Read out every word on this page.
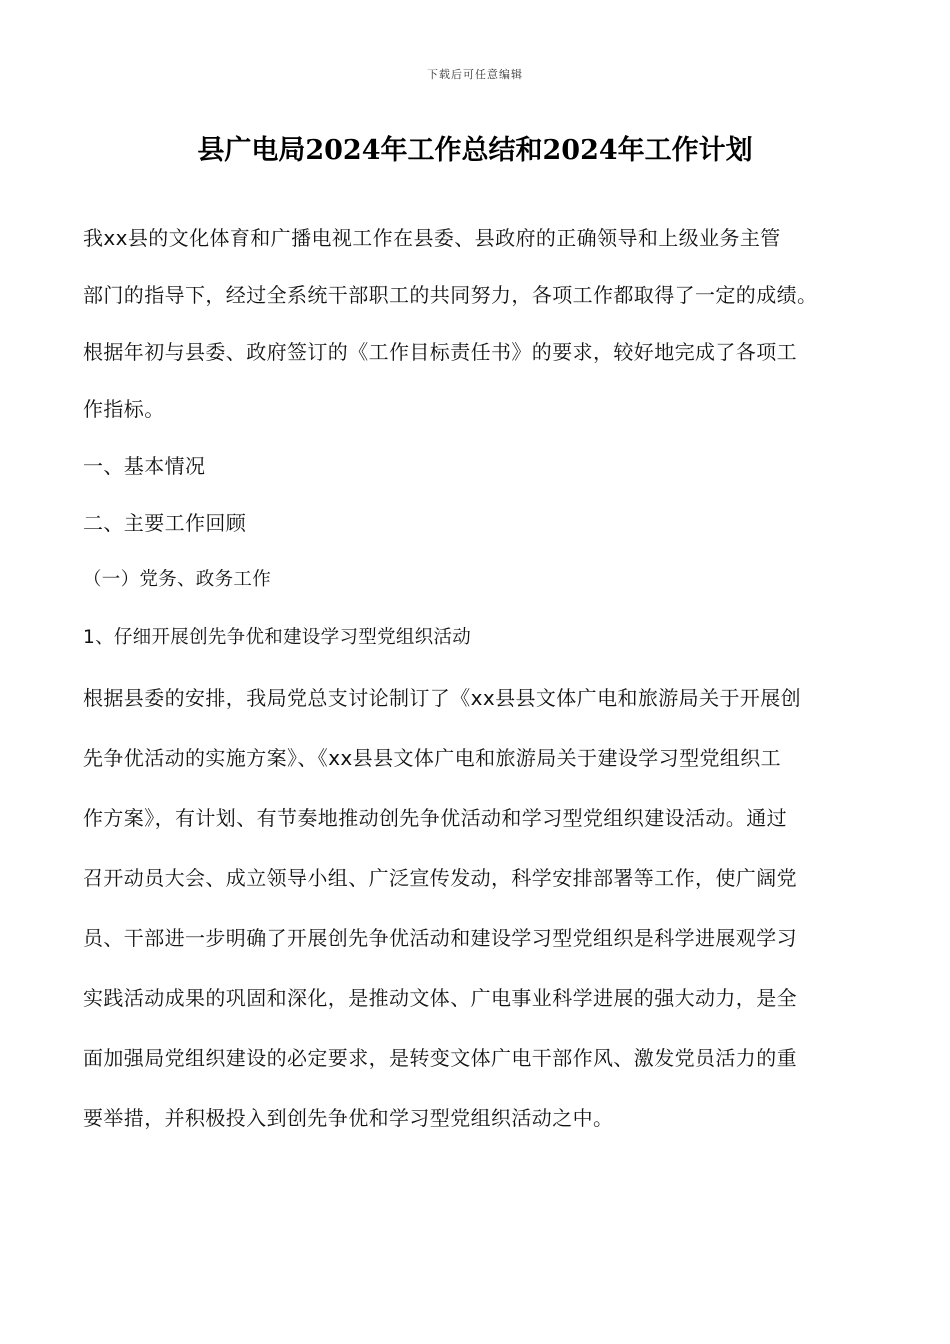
下载后可任意编辑
县广电局2024年工作总结和2024年工作计划

我xx县的文化体育和广播电视工作在县委、县政府的正确领导和上级业务主管
部门的指导下，经过全系统干部职工的共同努力，各项工作都取得了一定的成绩。
根据年初与县委、政府签订的《工作目标责任书》的要求，较好地完成了各项工
作指标。

一、基本情况

二、主要工作回顾

（一）党务、政务工作

1、仔细开展创先争优和建设学习型党组织活动

根据县委的安排，我局党总支讨论制订了《xx县县文体广电和旅游局关于开展创
先争优活动的实施方案》、《xx县县文体广电和旅游局关于建设学习型党组织工
作方案》，有计划、有节奏地推动创先争优活动和学习型党组织建设活动。通过
召开动员大会、成立领导小组、广泛宣传发动，科学安排部署等工作，使广阔党
员、干部进一步明确了开展创先争优活动和建设学习型党组织是科学进展观学习
实践活动成果的巩固和深化，是推动文体、广电事业科学进展的强大动力，是全
面加强局党组织建设的必定要求，是转变文体广电干部作风、激发党员活力的重
要举措，并积极投入到创先争优和学习型党组织活动之中。
